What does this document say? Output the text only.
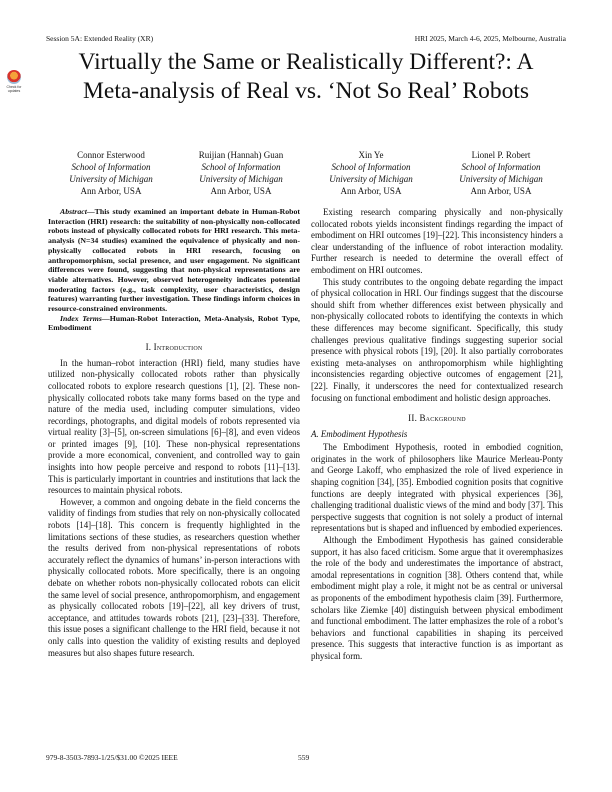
Session 5A: Extended Reality (XR)	HRI 2025, March 4-6, 2025, Melbourne, Australia
Check for updates
Virtually the Same or Realistically Different?: A
Meta-analysis of Real vs. ‘Not So Real’ Robots
Connor Esterwood
School of Information
University of Michigan
Ann Arbor, USA
Ruijian (Hannah) Guan
School of Information
University of Michigan
Ann Arbor, USA
Xin Ye
School of Information
University of Michigan
Ann Arbor, USA
Lionel P. Robert
School of Information
University of Michigan
Ann Arbor, USA

Abstract—This study examined an important debate in Human-Robot Interaction (HRI) research: the suitability of non-physically non-collocated robots instead of physically collocated robots for HRI research. This meta-analysis (N=34 studies) examined the equivalence of physically and non-physically collocated robots in HRI research, focusing on anthropomorphism, social presence, and user engagement. No significant differences were found, suggesting that non-physical representations are viable alternatives. However, observed heterogeneity indicates potential moderating factors (e.g., task complexity, user characteristics, design features) warranting further investigation. These findings inform choices in resource-constrained environments.

Index Terms—Human-Robot Interaction, Meta-Analysis, Robot Type, Embodiment

I. Introduction

In the human–robot interaction (HRI) field, many studies have utilized non-physically collocated robots rather than physically collocated robots to explore research questions [1], [2]. These non-physically collocated robots take many forms based on the type and nature of the media used, including computer simulations, video recordings, photographs, and digital models of robots represented via virtual reality [3]–[5], on-screen simulations [6]–[8], and even videos or printed images [9], [10]. These non-physical representations provide a more economical, convenient, and controlled way to gain insights into how people perceive and respond to robots [11]–[13]. This is particularly important in countries and institutions that lack the resources to maintain physical robots.

However, a common and ongoing debate in the field concerns the validity of findings from studies that rely on non-physically collocated robots [14]–[18]. This concern is frequently highlighted in the limitations sections of these studies, as researchers question whether the results derived from non-physical representations of robots accurately reflect the dynamics of humans’ in-person interactions with physically collocated robots. More specifically, there is an ongoing debate on whether robots non-physically collocated robots can elicit the same level of social presence, anthropomorphism, and engagement as physically collocated robots [19]–[22], all key drivers of trust, acceptance, and attitudes towards robots [21], [23]–[33]. Therefore, this issue poses a significant challenge to the HRI field, because it not only calls into question the validity of existing results and deployed measures but also shapes future research.

Existing research comparing physically and non-physically collocated robots yields inconsistent findings regarding the impact of embodiment on HRI outcomes [19]–[22]. This inconsistency hinders a clear understanding of the influence of robot interaction modality. Further research is needed to determine the overall effect of embodiment on HRI outcomes.

This study contributes to the ongoing debate regarding the impact of physical collocation in HRI. Our findings suggest that the discourse should shift from whether differences exist between physically and non-physically collocated robots to identifying the contexts in which these differences may become significant. Specifically, this study challenges previous qualitative findings suggesting superior social presence with physical robots [19], [20]. It also partially corroborates existing meta-analyses on anthropomorphism while highlighting inconsistencies regarding objective outcomes of engagement [21], [22]. Finally, it underscores the need for contextualized research focusing on functional embodiment and holistic design approaches.

II. Background
A. Embodiment Hypothesis

The Embodiment Hypothesis, rooted in embodied cognition, originates in the work of philosophers like Maurice Merleau-Ponty and George Lakoff, who emphasized the role of lived experience in shaping cognition [34], [35]. Embodied cognition posits that cognitive functions are deeply integrated with physical experiences [36], challenging traditional dualistic views of the mind and body [37]. This perspective suggests that cognition is not solely a product of internal representations but is shaped and influenced by embodied experiences.

Although the Embodiment Hypothesis has gained considerable support, it has also faced criticism. Some argue that it overemphasizes the role of the body and underestimates the importance of abstract, amodal representations in cognition [38]. Others contend that, while embodiment might play a role, it might not be as central or universal as proponents of the embodiment hypothesis claim [39]. Furthermore, scholars like Ziemke [40] distinguish between physical embodiment and functional embodiment. The latter emphasizes the role of a robot’s behaviors and functional capabilities in shaping its perceived presence. This suggests that interactive function is as important as physical form.

979-8-3503-7893-1/25/$31.00 ©2025 IEEE	559
